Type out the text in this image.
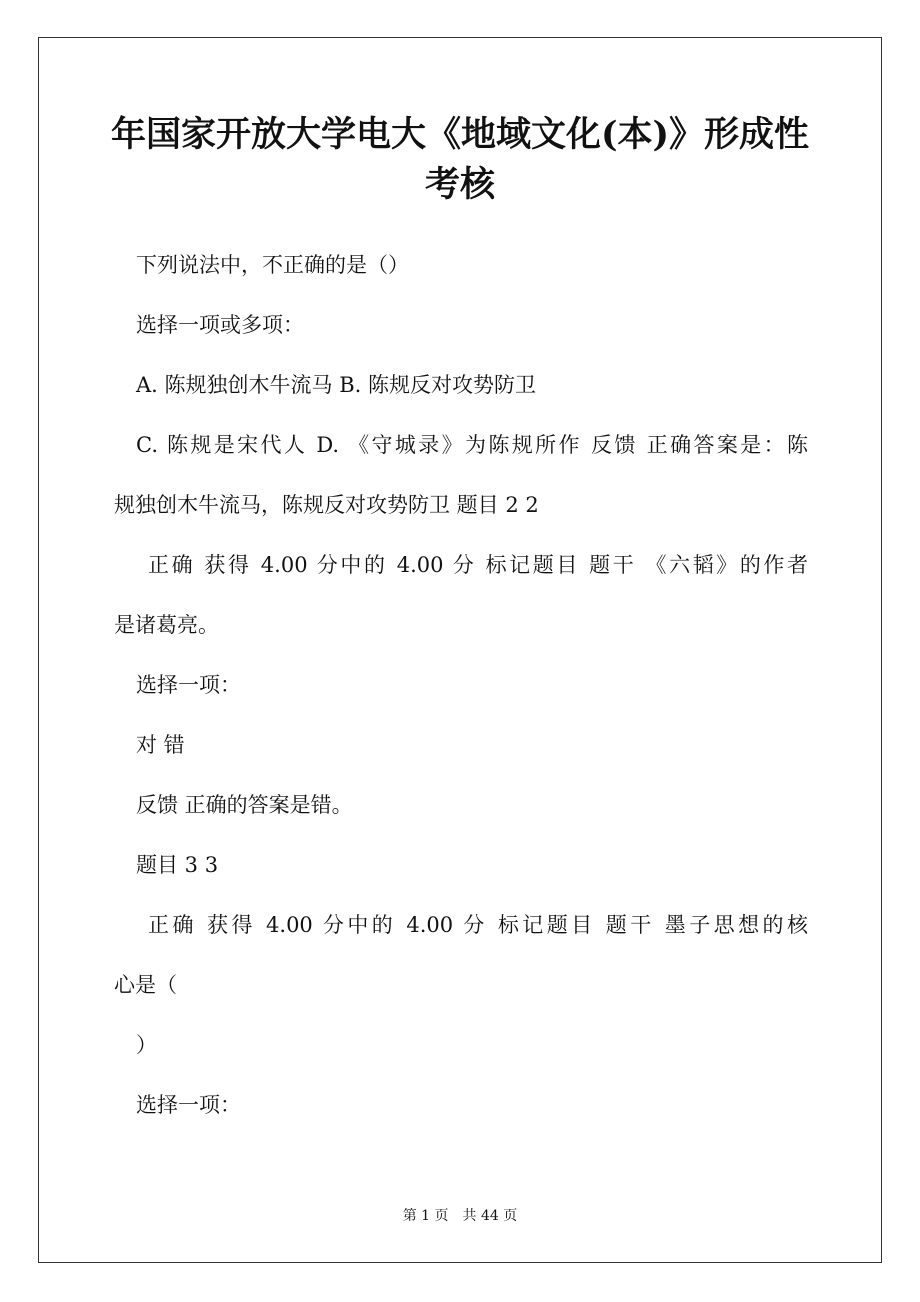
年国家开放大学电大《地域文化(本)》形成性
考核
下列说法中，不正确的是（）
选择一项或多项：
A. 陈规独创木牛流马 B. 陈规反对攻势防卫
C. 陈规是宋代人 D. 《守城录》为陈规所作 反馈 正确答案是：陈
规独创木牛流马，陈规反对攻势防卫 题目 2 2
正确 获得 4.00 分中的 4.00 分 标记题目 题干 《六韬》的作者
是诸葛亮。
选择一项：
对 错
反馈 正确的答案是错。
题目 3 3
正确 获得 4.00 分中的 4.00 分 标记题目 题干 墨子思想的核
心是（
）
选择一项：
第 1 页　共 44 页
